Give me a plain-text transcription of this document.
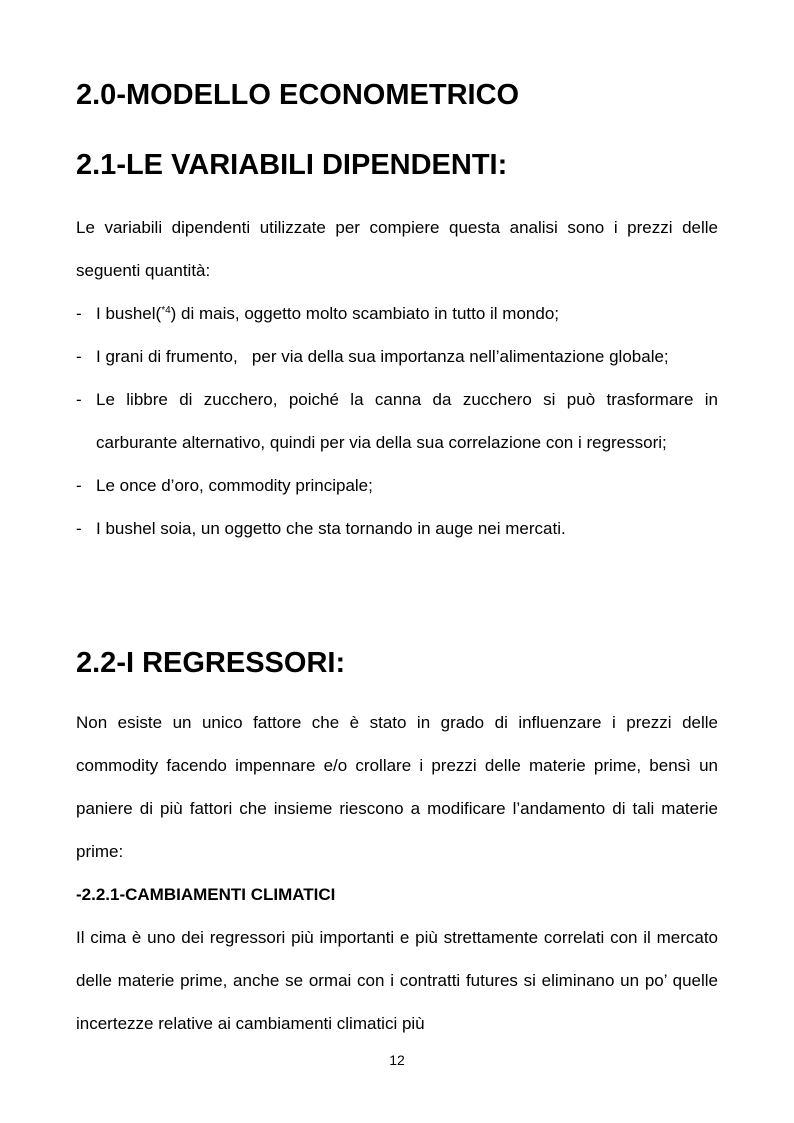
2.0-MODELLO ECONOMETRICO
2.1-LE VARIABILI DIPENDENTI:

Le variabili dipendenti utilizzate per compiere questa analisi sono i prezzi delle seguenti quantità:

- I bushel($^{*4}$) di mais, oggetto molto scambiato in tutto il mondo;
- I grani di frumento,   per via della sua importanza nell’alimentazione globale;
- Le libbre di zucchero, poiché la canna da zucchero si può trasformare in carburante alternativo, quindi per via della sua correlazione con i regressori;
- Le once d’oro, commodity principale;
- I bushel soia, un oggetto che sta tornando in auge nei mercati.
2.2-I REGRESSORI:

Non esiste un unico fattore che è stato in grado di influenzare i prezzi delle commodity facendo impennare e/o crollare i prezzi delle materie prime, bensì un paniere di più fattori che insieme riescono a modificare l’andamento di tali materie prime:

-2.2.1-CAMBIAMENTI CLIMATICI

Il cima è uno dei regressori più importanti e più strettamente correlati con il mercato delle materie prime, anche se ormai con i contratti futures si eliminano un po’ quelle incertezze relative ai cambiamenti climatici più

12
